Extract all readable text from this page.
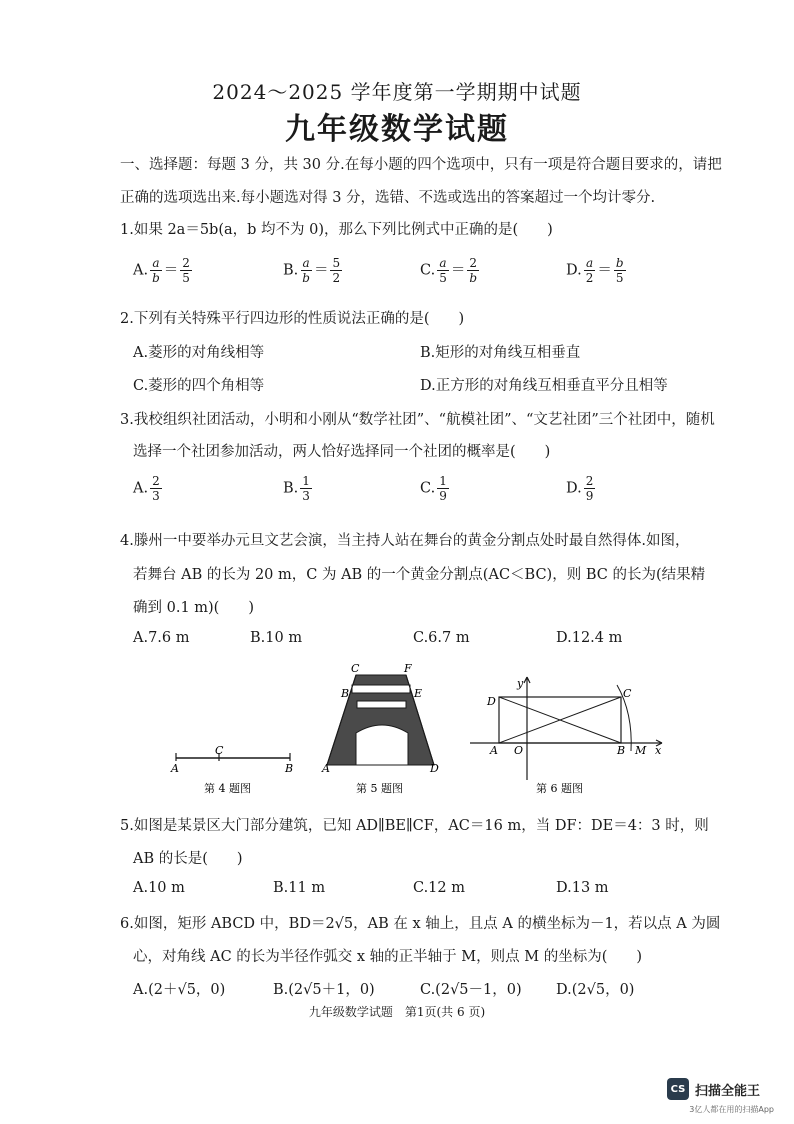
2024～2025 学年度第一学期期中试题
九年级数学试题
一、选择题：每题 3 分，共 30 分.在每小题的四个选项中，只有一项是符合题目要求的，请把
正确的选项选出来.每小题选对得 3 分，选错、不选或选出的答案超过一个均计零分.
1.如果 2a＝5b(a，b 均不为 0)，那么下列比例式中正确的是(　　)
A. $\frac{a}{b} = \frac{2}{5}$	B. $\frac{a}{b} = \frac{5}{2}$	C. $\frac{a}{5} = \frac{2}{b}$	D. $\frac{a}{2} = \frac{b}{5}$
2.下列有关特殊平行四边形的性质说法正确的是(　　)
A.菱形的对角线相等	B.矩形的对角线互相垂直
C.菱形的四个角相等	D.正方形的对角线互相垂直平分且相等
3.我校组织社团活动，小明和小刚从“数学社团”、“航模社团”、“文艺社团”三个社团中，随机
选择一个社团参加活动，两人恰好选择同一个社团的概率是(　　)
A. $\frac{2}{3}$	B. $\frac{1}{3}$	C. $\frac{1}{9}$	D. $\frac{2}{9}$
4.滕州一中要举办元旦文艺会演，当主持人站在舞台的黄金分割点处时最自然得体.如图，
若舞台 AB 的长为 20 m，C 为 AB 的一个黄金分割点(AC＜BC)，则 BC 的长为(结果精
确到 0.1 m)(　　)
A.7.6 m	B.10 m	C.6.7 m	D.12.4 m
A
C
B
第 4 题图
C	F
B	E
A	D
第 5 题图
D
C
A O	B M x
y
第 6 题图
5.如图是某景区大门部分建筑，已知 AD∥BE∥CF，AC＝16 m，当 DF：DE＝4：3 时，则
AB 的长是(　　)
A.10 m	B.11 m	C.12 m	D.13 m
6.如图，矩形 ABCD 中，BD＝2√5，AB 在 x 轴上，且点 A 的横坐标为－1，若以点 A 为圆
心，对角线 AC 的长为半径作弧交 x 轴的正半轴于 M，则点 M 的坐标为(　　)
A.(2＋√5，0)	B.(2√5＋1，0)	C.(2√5－1，0) D.(2√5，0)
九年级数学试题　第1页(共 6 页)
CS 扫描全能王
3亿人都在用的扫描App
